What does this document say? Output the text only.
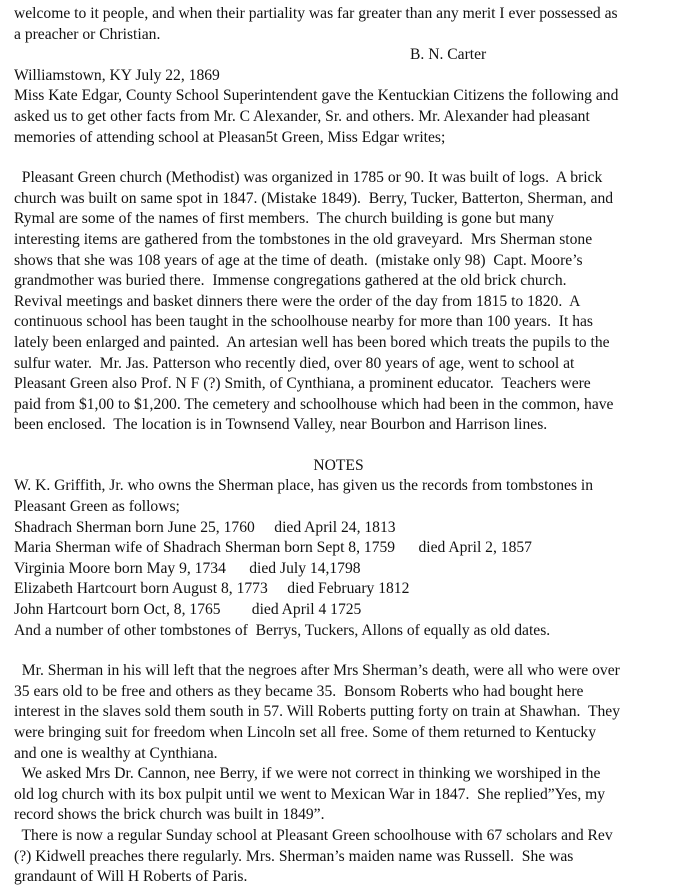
welcome to it people, and when their partiality was far greater than any merit I ever possessed as

a preacher or Christian.

B. N. Carter

Williamstown, KY July 22, 1869

Miss Kate Edgar, County School Superintendent gave the Kentuckian Citizens the following and

asked us to get other facts from Mr. C Alexander, Sr. and others. Mr. Alexander had pleasant

memories of attending school at Pleasan5t Green, Miss Edgar writes;

Pleasant Green church (Methodist) was organized in 1785 or 90. It was built of logs.  A brick

church was built on same spot in 1847. (Mistake 1849).  Berry, Tucker, Batterton, Sherman, and

Rymal are some of the names of first members.  The church building is gone but many

interesting items are gathered from the tombstones in the old graveyard.  Mrs Sherman stone

shows that she was 108 years of age at the time of death.  (mistake only 98)  Capt. Moore’s

grandmother was buried there.  Immense congregations gathered at the old brick church.

Revival meetings and basket dinners there were the order of the day from 1815 to 1820.  A

continuous school has been taught in the schoolhouse nearby for more than 100 years.  It has

lately been enlarged and painted.  An artesian well has been bored which treats the pupils to the

sulfur water.  Mr. Jas. Patterson who recently died, over 80 years of age, went to school at

Pleasant Green also Prof. N F (?) Smith, of Cynthiana, a prominent educator.  Teachers were

paid from $1,00 to $1,200. The cemetery and schoolhouse which had been in the common, have

been enclosed.  The location is in Townsend Valley, near Bourbon and Harrison lines.

NOTES

W. K. Griffith, Jr. who owns the Sherman place, has given us the records from tombstones in

Pleasant Green as follows;

Shadrach Sherman born June 25, 1760     died April 24, 1813

Maria Sherman wife of Shadrach Sherman born Sept 8, 1759      died April 2, 1857

Virginia Moore born May 9, 1734      died July 14,1798

Elizabeth Hartcourt born August 8, 1773     died February 1812

John Hartcourt born Oct, 8, 1765        died April 4 1725

And a number of other tombstones of  Berrys, Tuckers, Allons of equally as old dates.

Mr. Sherman in his will left that the negroes after Mrs Sherman’s death, were all who were over

35 ears old to be free and others as they became 35.  Bonsom Roberts who had bought here

interest in the slaves sold them south in 57. Will Roberts putting forty on train at Shawhan.  They

were bringing suit for freedom when Lincoln set all free. Some of them returned to Kentucky

and one is wealthy at Cynthiana.

We asked Mrs Dr. Cannon, nee Berry, if we were not correct in thinking we worshiped in the

old log church with its box pulpit until we went to Mexican War in 1847.  She replied”Yes, my

record shows the brick church was built in 1849”.

There is now a regular Sunday school at Pleasant Green schoolhouse with 67 scholars and Rev

(?) Kidwell preaches there regularly. Mrs. Sherman’s maiden name was Russell.  She was

grandaunt of Will H Roberts of Paris.
